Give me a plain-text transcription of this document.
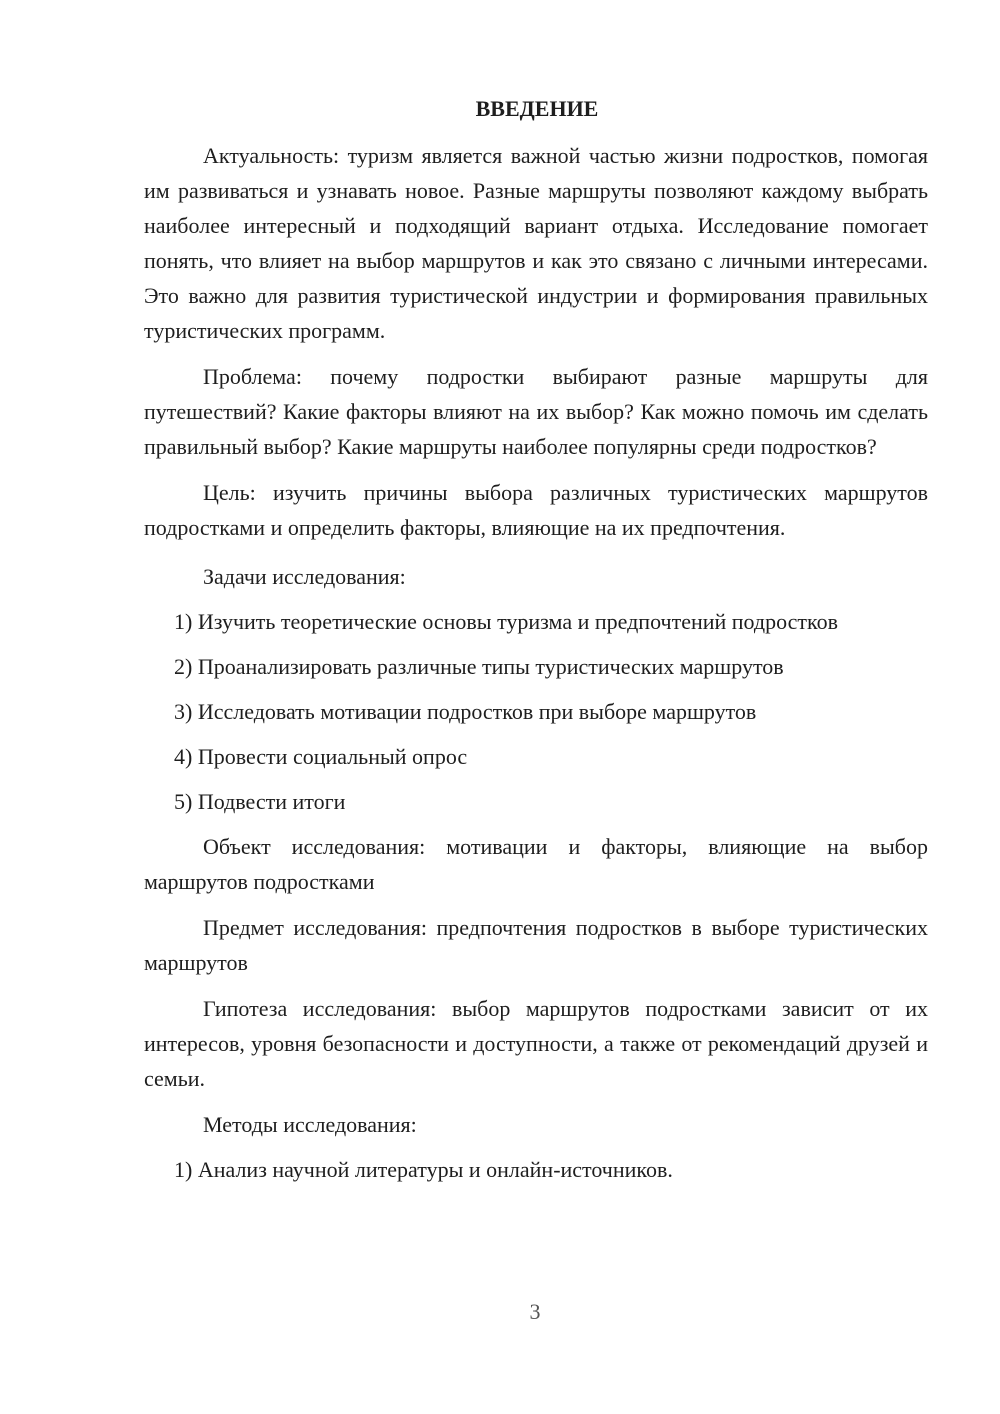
ВВЕДЕНИЕ

Актуальность: туризм является важной частью жизни подростков, помогая им развиваться и узнавать новое. Разные маршруты позволяют каждому выбрать наиболее интересный и подходящий вариант отдыха. Исследование помогает понять, что влияет на выбор маршрутов и как это связано с личными интересами. Это важно для развития туристической индустрии и формирования правильных туристических программ.

Проблема: почему подростки выбирают разные маршруты для путешествий? Какие факторы влияют на их выбор? Как можно помочь им сделать правильный выбор? Какие маршруты наиболее популярны среди подростков?

Цель: изучить причины выбора различных туристических маршрутов подростками и определить факторы, влияющие на их предпочтения.

Задачи исследования:

1) Изучить теоретические основы туризма и предпочтений подростков

2) Проанализировать различные типы туристических маршрутов

3) Исследовать мотивации подростков при выборе маршрутов

4) Провести социальный опрос

5) Подвести итоги

Объект исследования: мотивации и факторы, влияющие на выбор маршрутов подростками

Предмет исследования: предпочтения подростков в выборе туристических маршрутов

Гипотеза исследования: выбор маршрутов подростками зависит от их интересов, уровня безопасности и доступности, а также от рекомендаций друзей и семьи.

Методы исследования:

1) Анализ научной литературы и онлайн-источников.

3
